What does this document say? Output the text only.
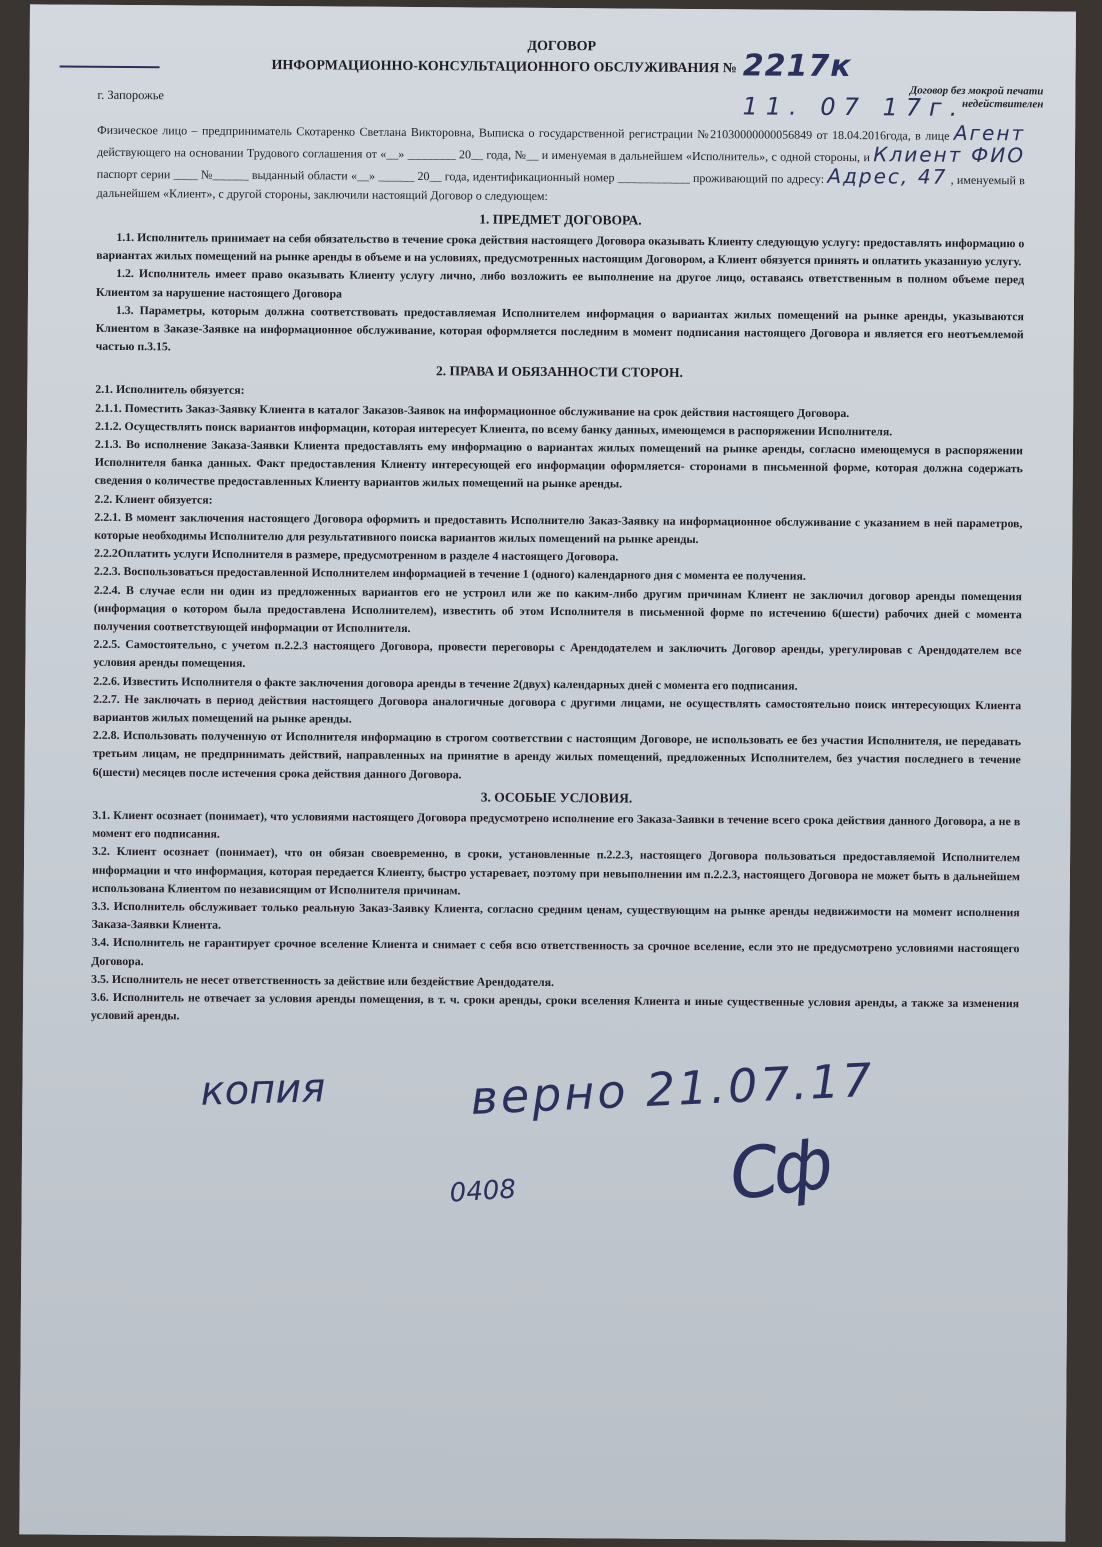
ДОГОВОР
ИНФОРМАЦИОННО-КОНСУЛЬТАЦИОННОГО ОБСЛУЖИВАНИЯ № 2217к
Договор без мокрой печати недействителен
г. Запорожье	11. 07 17г.

Физическое лицо – предприниматель Скотаренко Светлана Викторовна, Выписка о государственной регистрации №21030000000056849 от 18.04.2016года, в лице Агент действующего на основании Трудового соглашения от «__» ________ 20__ года, №__ и именуемая в дальнейшем «Исполнитель», с одной стороны, и Клиент ФИО паспорт серии ____ №______ выданный области «__» ______ 20__ года, идентификационный номер ____________ проживающий по адресу: Адрес, 47 , именуемый в дальнейшем «Клиент», с другой стороны, заключили настоящий Договор о следующем:

1. ПРЕДМЕТ ДОГОВОРА.

1.1. Исполнитель принимает на себя обязательство в течение срока действия настоящего Договора оказывать Клиенту следующую услугу: предоставлять информацию о вариантах жилых помещений на рынке аренды в объеме и на условиях, предусмотренных настоящим Договором, а Клиент обязуется принять и оплатить указанную услугу.

1.2. Исполнитель имеет право оказывать Клиенту услугу лично, либо возложить ее выполнение на другое лицо, оставаясь ответственным в полном объеме перед Клиентом за нарушение настоящего Договора

1.3. Параметры, которым должна соответствовать предоставляемая Исполнителем информация о вариантах жилых помещений на рынке аренды, указываются Клиентом в Заказе-Заявке на информационное обслуживание, которая оформляется последним в момент подписания настоящего Договора и является его неотъемлемой частью п.3.15.

2. ПРАВА И ОБЯЗАННОСТИ СТОРОН.

2.1. Исполнитель обязуется:

2.1.1. Поместить Заказ-Заявку Клиента в каталог Заказов-Заявок на информационное обслуживание на срок действия настоящего Договора.

2.1.2. Осуществлять поиск вариантов информации, которая интересует Клиента, по всему банку данных, имеющемся в распоряжении Исполнителя.

2.1.3. Во исполнение Заказа-Заявки Клиента предоставлять ему информацию о вариантах жилых помещений на рынке аренды, согласно имеющемуся в распоряжении Исполнителя банка данных. Факт предоставления Клиенту интересующей его информации оформляется- сторонами в письменной форме, которая должна содержать сведения о количестве предоставленных Клиенту вариантов жилых помещений на рынке аренды.

2.2. Клиент обязуется:

2.2.1. В момент заключения настоящего Договора оформить и предоставить Исполнителю Заказ-Заявку на информационное обслуживание с указанием в ней параметров, которые необходимы Исполнителю для результативного поиска вариантов жилых помещений на рынке аренды.

2.2.2Оплатить услуги Исполнителя в размере, предусмотренном в разделе 4 настоящего Договора.

2.2.3. Воспользоваться предоставленной Исполнителем информацией в течение 1 (одного) календарного дня с момента ее получения.

2.2.4. В случае если ни один из предложенных вариантов его не устроил или же по каким-либо другим причинам Клиент не заключил договор аренды помещения (информация о котором была предоставлена Исполнителем), известить об этом Исполнителя в письменной форме по истечению 6(шести) рабочих дней с момента получения соответствующей информации от Исполнителя.

2.2.5. Самостоятельно, с учетом п.2.2.3 настоящего Договора, провести переговоры с Арендодателем и заключить Договор аренды, урегулировав с Арендодателем все условия аренды помещения.

2.2.6. Известить Исполнителя о факте заключения договора аренды в течение 2(двух) календарных дней с момента его подписания.

2.2.7. Не заключать в период действия настоящего Договора аналогичные договора с другими лицами, не осуществлять самостоятельно поиск интересующих Клиента вариантов жилых помещений на рынке аренды.

2.2.8. Использовать полученную от Исполнителя информацию в строгом соответствии с настоящим Договоре, не использовать ее без участия Исполнителя, не передавать третьим лицам, не предпринимать действий, направленных на принятие в аренду жилых помещений, предложенных Исполнителем, без участия последнего в течение 6(шести) месяцев после истечения срока действия данного Договора.

3. ОСОБЫЕ УСЛОВИЯ.

3.1. Клиент осознает (понимает), что условиями настоящего Договора предусмотрено исполнение его Заказа-Заявки в течение всего срока действия данного Договора, а не в момент его подписания.

3.2. Клиент осознает (понимает), что он обязан своевременно, в сроки, установленные п.2.2.3, настоящего Договора пользоваться предоставляемой Исполнителем информации и что информация, которая передается Клиенту, быстро устаревает, поэтому при невыполнении им п.2.2.3, настоящего Договора не может быть в дальнейшем использована Клиентом по независящим от Исполнителя причинам.

3.3. Исполнитель обслуживает только реальную Заказ-Заявку Клиента, согласно средним ценам, существующим на рынке аренды недвижимости на момент исполнения Заказа-Заявки Клиента.

3.4. Исполнитель не гарантирует срочное вселение Клиента и снимает с себя всю ответственность за срочное вселение, если это не предусмотрено условиями настоящего Договора.

3.5. Исполнитель не несет ответственность за действие или бездействие Арендодателя.

3.6. Исполнитель не отвечает за условия аренды помещения, в т. ч. сроки аренды, сроки вселения Клиента и иные существенные условия аренды, а также за изменения условий аренды.

копия	верно 21.07.17
Сф
0408
